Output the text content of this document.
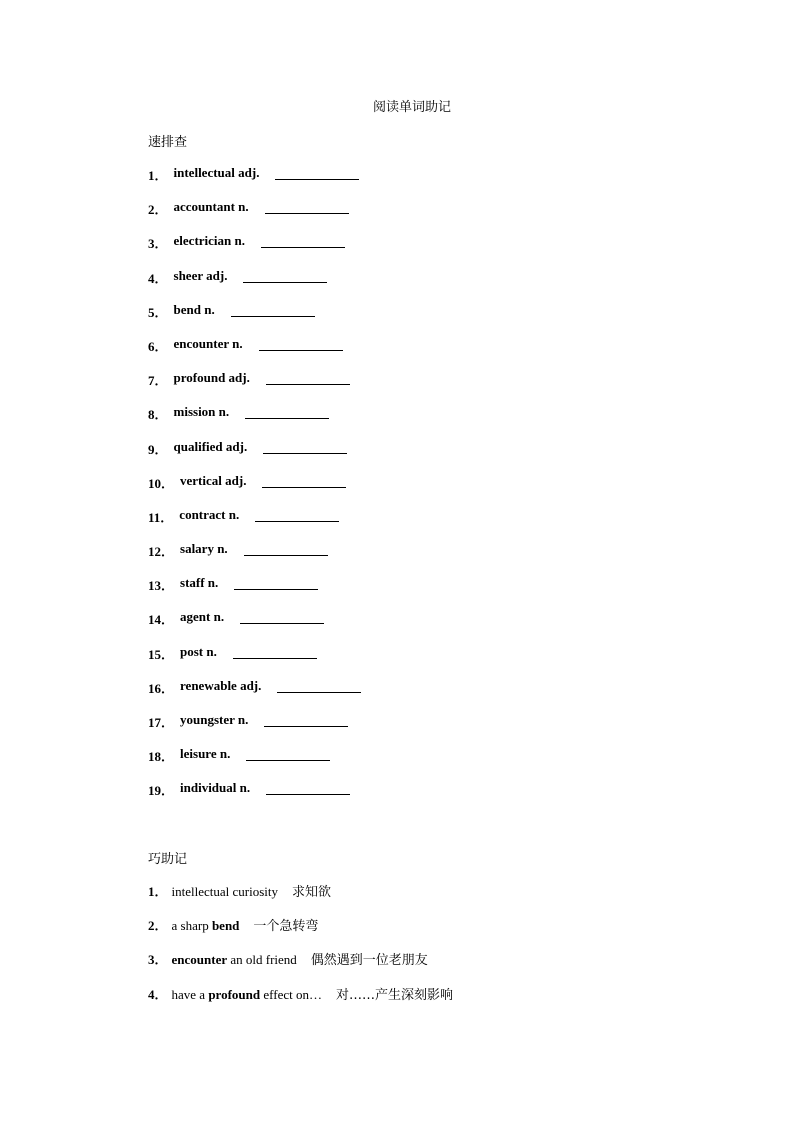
阅读单词助记
速排查
1． intellectual adj.
2． accountant n.
3． electrician n.
4． sheer adj.
5． bend n.
6． encounter n.
7． profound adj.
8． mission n.
9． qualified adj.
10． vertical adj.
11． contract n.
12． salary n.
13． staff n.
14． agent n.
15． post n.
16． renewable adj.
17． youngster n.
18． leisure n.
19． individual n.
巧助记
1． intellectual curiosity 求知欲
2． a sharp bend 一个急转弯
3． encounter an old friend 偶然遇到一位老朋友
4． have a profound effect on… 对……产生深刻影响
